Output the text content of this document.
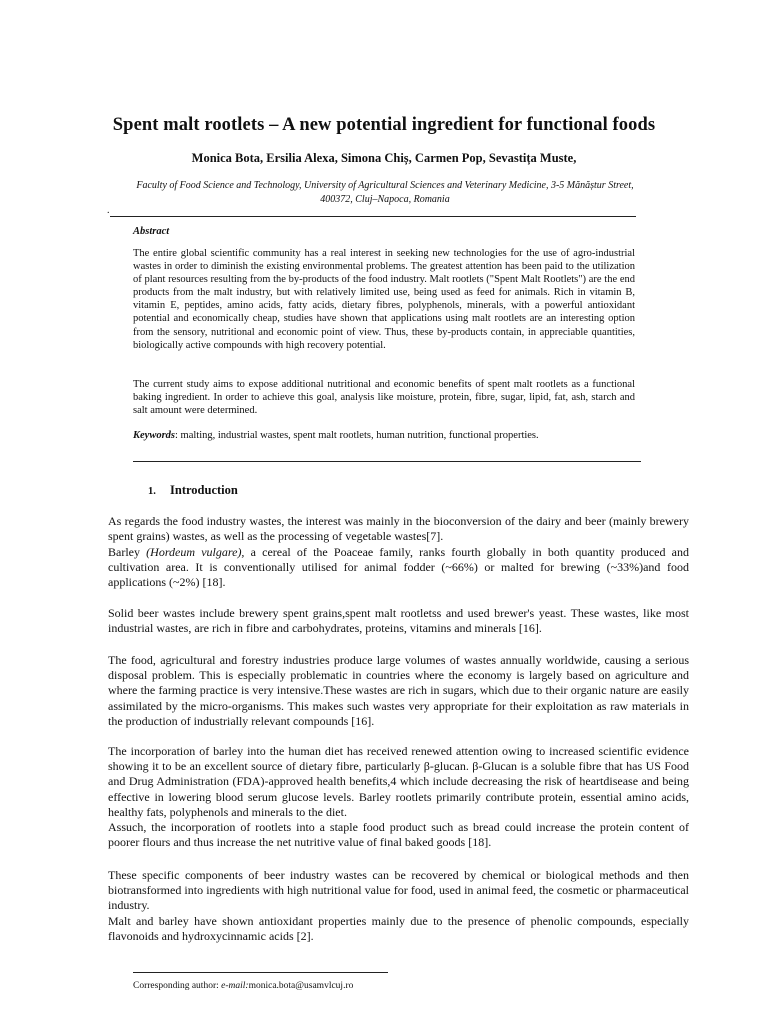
Spent malt rootlets – A new potential ingredient for functional foods
Monica Bota, Ersilia Alexa, Simona Chiș, Carmen Pop, Sevastița Muste,
Faculty of Food Science and Technology, University of Agricultural Sciences and Veterinary Medicine, 3-5 Mănăștur Street, 400372, Cluj–Napoca, Romania
.
Abstract

The entire global scientific community has a real interest in seeking new technologies for the use of agro-industrial wastes in order to diminish the existing environmental problems. The greatest attention has been paid to the utilization of plant resources resulting from the by-products of the food industry. Malt rootlets ("Spent Malt Rootlets") are the end products from the malt industry, but with relatively limited use, being used as feed for animals. Rich in vitamin B, vitamin E, peptides, amino acids, fatty acids, dietary fibres, polyphenols, minerals, with a powerful antioxidant potential and economically cheap, studies have shown that applications using malt rootlets are an interesting option from the sensory, nutritional and economic point of view. Thus, these by-products contain, in appreciable quantities, biologically active compounds with high recovery potential.

The current study aims to expose additional nutritional and economic benefits of spent malt rootlets as a functional baking ingredient. In order to achieve this goal, analysis like moisture, protein, fibre, sugar, lipid, fat, ash, starch and salt amount were determined.

Keywords: malting, industrial wastes, spent malt rootlets, human nutrition, functional properties.
1. Introduction

As regards the food industry wastes, the interest was mainly in the bioconversion of the dairy and beer (mainly brewery spent grains) wastes, as well as the processing of vegetable wastes[7].

Barley (Hordeum vulgare), a cereal of the Poaceae family, ranks fourth globally in both quantity produced and cultivation area. It is conventionally utilised for animal fodder (~66%) or malted for brewing (~33%)and food applications (~2%) [18].

Solid beer wastes include brewery spent grains,spent malt rootletss and used brewer's yeast. These wastes, like most industrial wastes, are rich in fibre and carbohydrates, proteins, vitamins and minerals [16].

The food, agricultural and forestry industries produce large volumes of wastes annually worldwide, causing a serious disposal problem. This is especially problematic in countries where the economy is largely based on agriculture and where the farming practice is very intensive.These wastes are rich in sugars, which due to their organic nature are easily assimilated by the micro-organisms. This makes such wastes very appropriate for their exploitation as raw materials in the production of industrially relevant compounds [16].

The incorporation of barley into the human diet has received renewed attention owing to increased scientific evidence showing it to be an excellent source of dietary fibre, particularly β-glucan. β-Glucan is a soluble fibre that has US Food and Drug Administration (FDA)-approved health benefits,4 which include decreasing the risk of heartdisease and being effective in lowering blood serum glucose levels. Barley rootlets primarily contribute protein, essential amino acids, healthy fats, polyphenols and minerals to the diet.

Assuch, the incorporation of rootlets into a staple food product such as bread could increase the protein content of poorer flours and thus increase the net nutritive value of final baked goods [18].

These specific components of beer industry wastes can be recovered by chemical or biological methods and then biotransformed into ingredients with high nutritional value for food, used in animal feed, the cosmetic or pharmaceutical industry.

Malt and barley have shown antioxidant properties mainly due to the presence of phenolic compounds, especially flavonoids and hydroxycinnamic acids [2].

Corresponding author: e-mail:monica.bota@usamvlcuj.ro
